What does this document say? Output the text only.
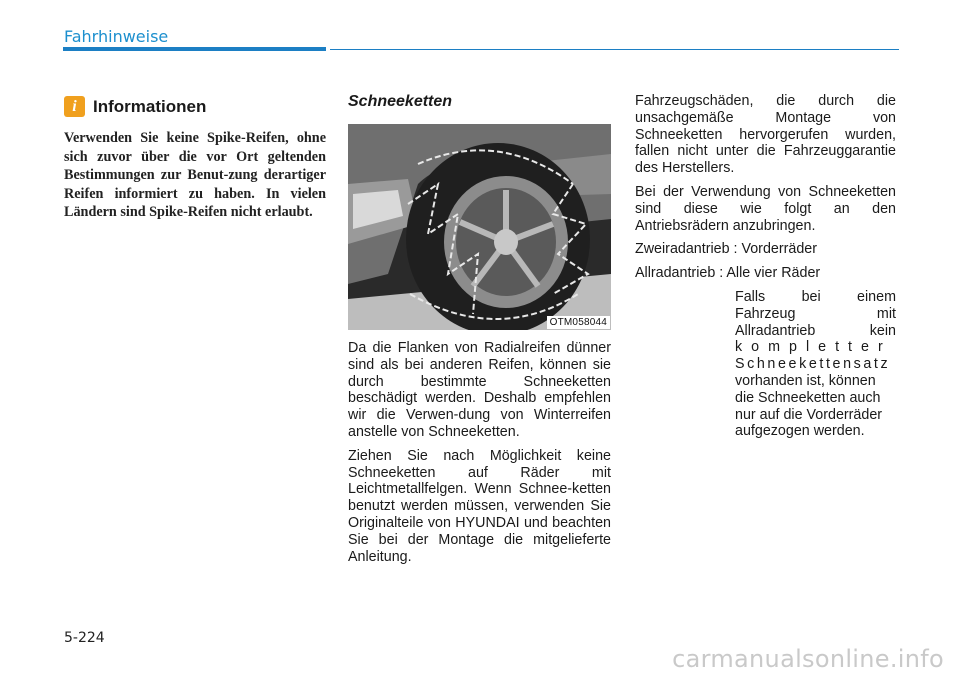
Fahrhinweise
i Informationen

Verwenden Sie keine Spike-Reifen, ohne sich zuvor über die vor Ort geltenden Bestimmungen zur Benut-zung derartiger Reifen informiert zu haben. In vielen Ländern sind Spike-Reifen nicht erlaubt.

Schneeketten
OTM058044

Da die Flanken von Radialreifen dünner sind als bei anderen Reifen, können sie durch bestimmte Schneeketten beschädigt werden. Deshalb empfehlen wir die Verwen-dung von Winterreifen anstelle von Schneeketten.

Ziehen Sie nach Möglichkeit keine Schneeketten auf Räder mit Leichtmetallfelgen. Wenn Schnee-ketten benutzt werden müssen, verwenden Sie Originalteile von HYUNDAI und beachten Sie bei der Montage die mitgelieferte Anleitung.

Fahrzeugschäden, die durch die unsachgemäße Montage von Schneeketten hervorgerufen wurden, fallen nicht unter die Fahrzeuggarantie des Herstellers.

Bei der Verwendung von Schneeketten sind diese wie folgt an den Antriebsrädern anzubringen.

Zweiradantrieb : Vorderräder

Allradantrieb : Alle vier Räder

Falls bei einem
Fahrzeug mit
Allradantrieb kein
kompletter
Schneekettensatz
vorhanden ist, können die Schneeketten auch nur auf die Vorderräder aufgezogen werden.
5-224
carmanualsonline.info
